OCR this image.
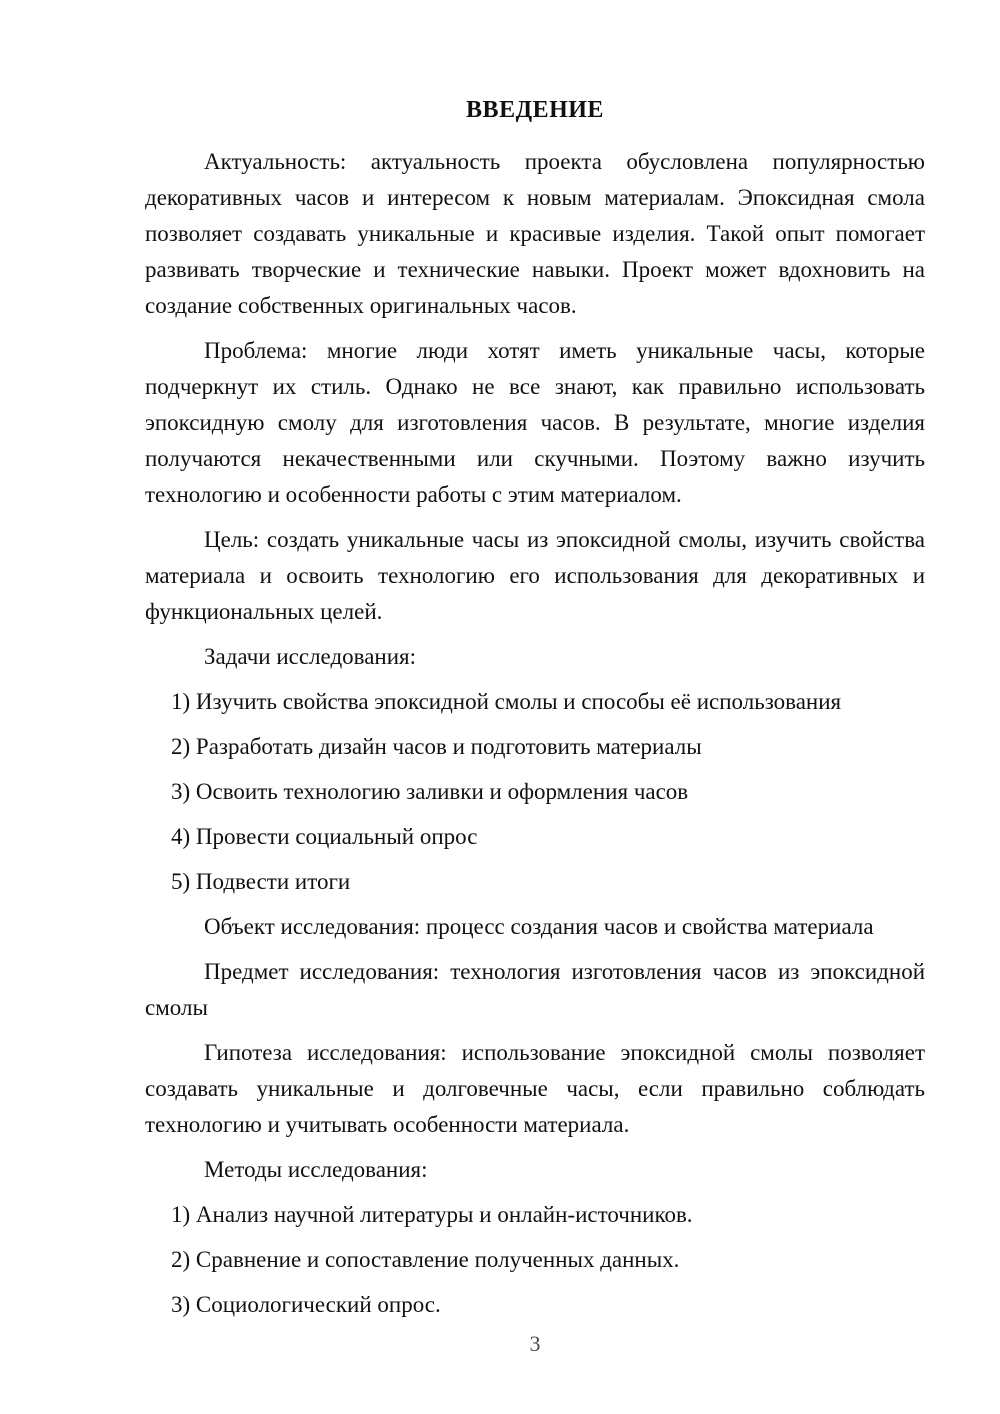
ВВЕДЕНИЕ

Актуальность: актуальность проекта обусловлена популярностью декоративных часов и интересом к новым материалам. Эпоксидная смола позволяет создавать уникальные и красивые изделия. Такой опыт помогает развивать творческие и технические навыки. Проект может вдохновить на создание собственных оригинальных часов.

Проблема: многие люди хотят иметь уникальные часы, которые подчеркнут их стиль. Однако не все знают, как правильно использовать эпоксидную смолу для изготовления часов. В результате, многие изделия получаются некачественными или скучными. Поэтому важно изучить технологию и особенности работы с этим материалом.

Цель: создать уникальные часы из эпоксидной смолы, изучить свойства материала и освоить технологию его использования для декоративных и функциональных целей.

Задачи исследования:

1) Изучить свойства эпоксидной смолы и способы её использования
2) Разработать дизайн часов и подготовить материалы
3) Освоить технологию заливки и оформления часов
4) Провести социальный опрос
5) Подвести итоги

Объект исследования: процесс создания часов и свойства материала

Предмет исследования: технология изготовления часов из эпоксидной смолы

Гипотеза исследования: использование эпоксидной смолы позволяет создавать уникальные и долговечные часы, если правильно соблюдать технологию и учитывать особенности материала.

Методы исследования:

1) Анализ научной литературы и онлайн-источников.
2) Сравнение и сопоставление полученных данных.
3) Социологический опрос.
3
